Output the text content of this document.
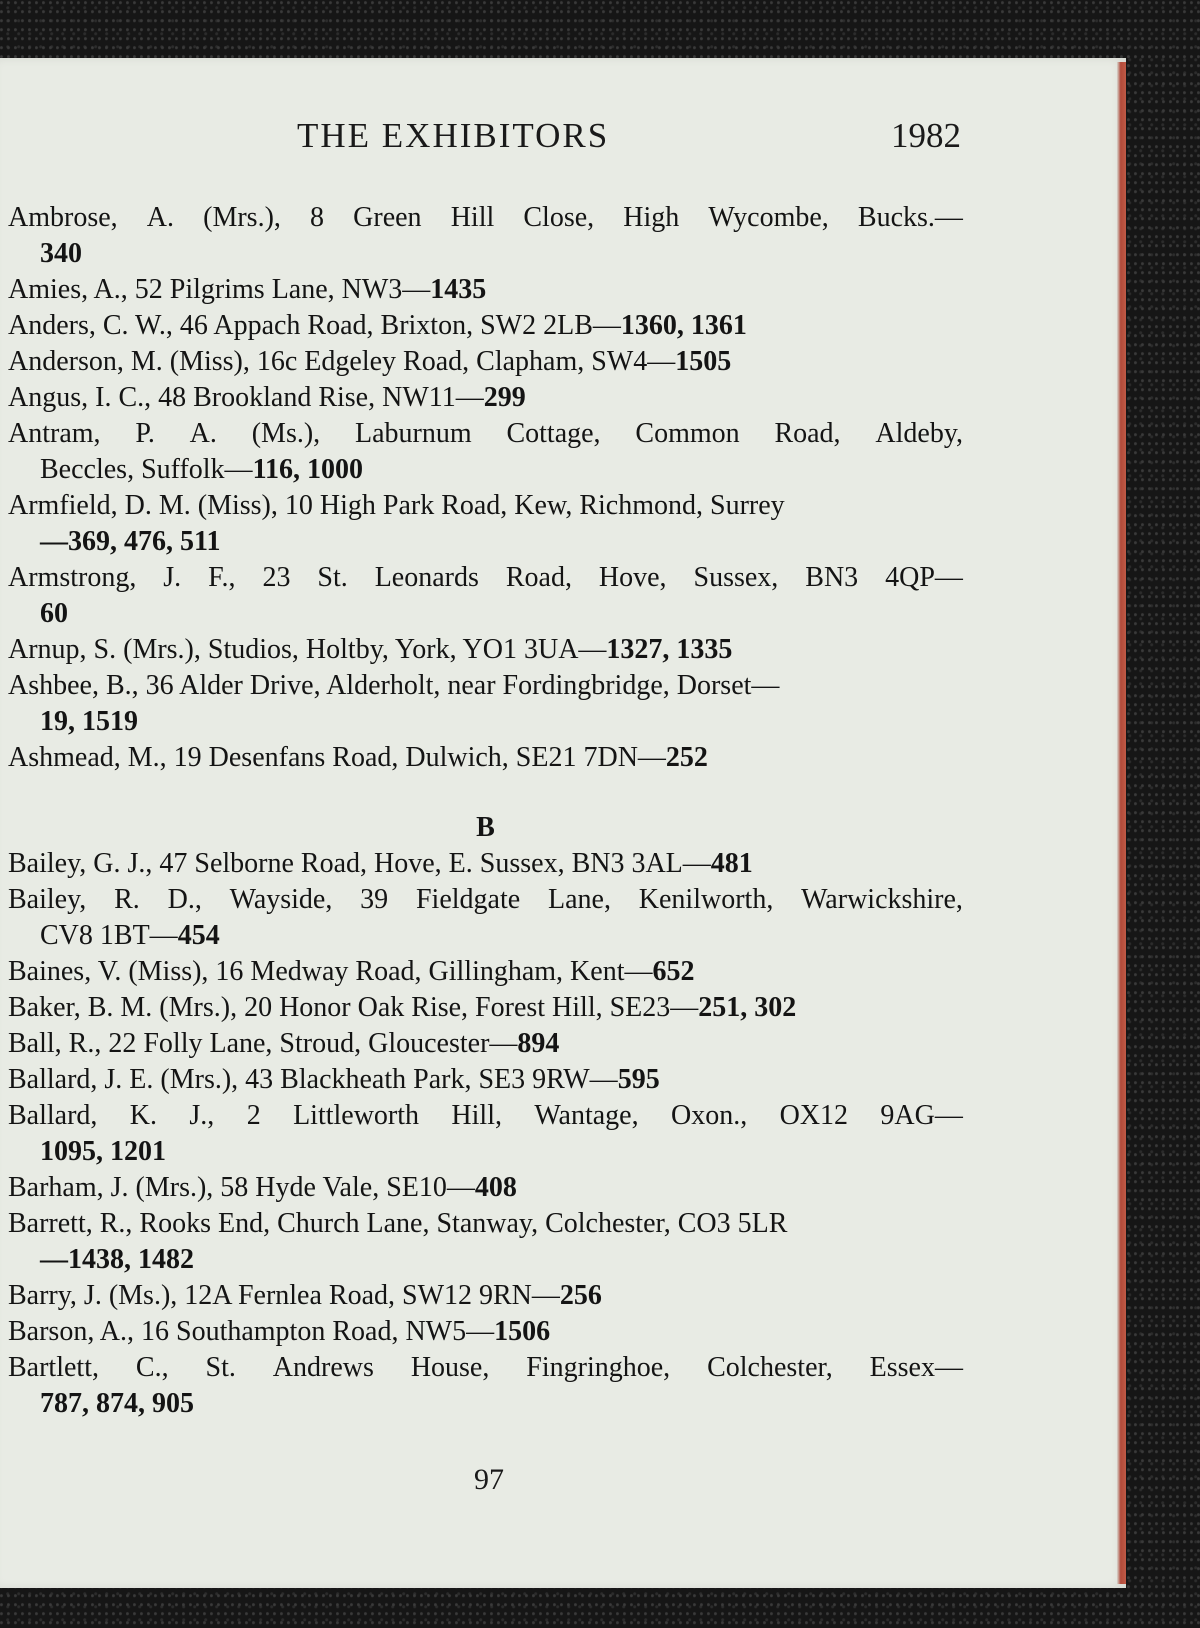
THE EXHIBITORS	1982
Ambrose, A. (Mrs.), 8 Green Hill Close, High Wycombe, Bucks.—
340
Amies, A., 52 Pilgrims Lane, NW3—1435
Anders, C. W., 46 Appach Road, Brixton, SW2 2LB—1360, 1361
Anderson, M. (Miss), 16c Edgeley Road, Clapham, SW4—1505
Angus, I. C., 48 Brookland Rise, NW11—299
Antram, P. A. (Ms.), Laburnum Cottage, Common Road, Aldeby,
Beccles, Suffolk—116, 1000
Armfield, D. M. (Miss), 10 High Park Road, Kew, Richmond, Surrey
—369, 476, 511
Armstrong, J. F., 23 St. Leonards Road, Hove, Sussex, BN3 4QP—
60
Arnup, S. (Mrs.), Studios, Holtby, York, YO1 3UA—1327, 1335
Ashbee, B., 36 Alder Drive, Alderholt, near Fordingbridge, Dorset—
19, 1519
Ashmead, M., 19 Desenfans Road, Dulwich, SE21 7DN—252
B
Bailey, G. J., 47 Selborne Road, Hove, E. Sussex, BN3 3AL—481
Bailey, R. D., Wayside, 39 Fieldgate Lane, Kenilworth, Warwickshire,
CV8 1BT—454
Baines, V. (Miss), 16 Medway Road, Gillingham, Kent—652
Baker, B. M. (Mrs.), 20 Honor Oak Rise, Forest Hill, SE23—251, 302
Ball, R., 22 Folly Lane, Stroud, Gloucester—894
Ballard, J. E. (Mrs.), 43 Blackheath Park, SE3 9RW—595
Ballard, K. J., 2 Littleworth Hill, Wantage, Oxon., OX12 9AG—
1095, 1201
Barham, J. (Mrs.), 58 Hyde Vale, SE10—408
Barrett, R., Rooks End, Church Lane, Stanway, Colchester, CO3 5LR
—1438, 1482
Barry, J. (Ms.), 12A Fernlea Road, SW12 9RN—256
Barson, A., 16 Southampton Road, NW5—1506
Bartlett, C., St. Andrews House, Fingringhoe, Colchester, Essex—
787, 874, 905
97
